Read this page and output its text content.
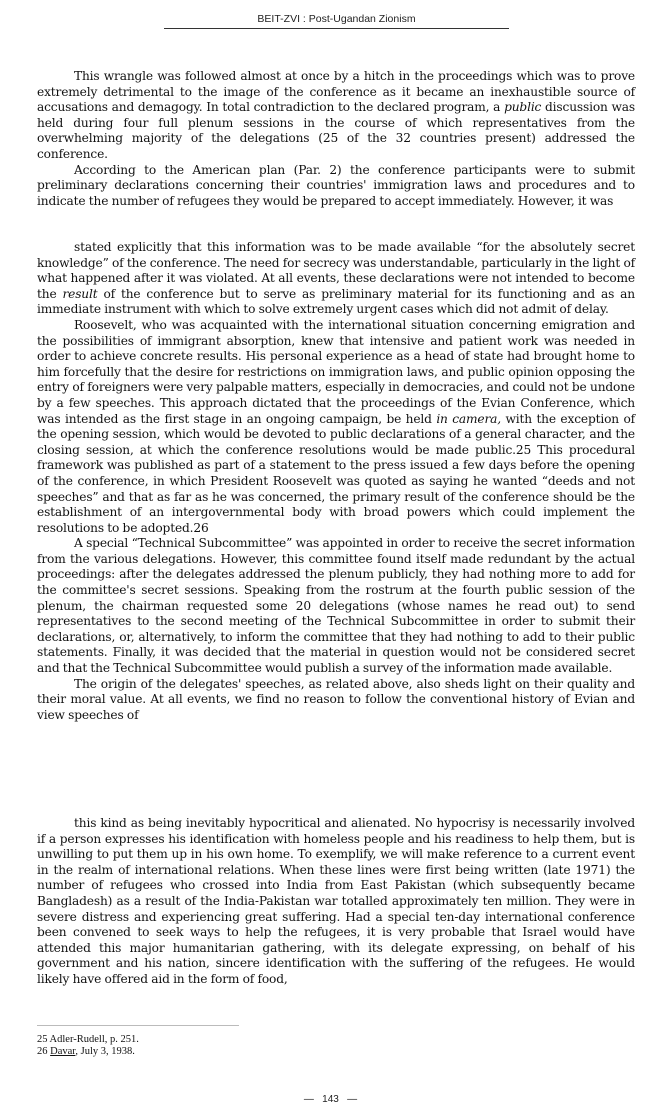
BEIT-ZVI : Post-Ugandan Zionism

This wrangle was followed almost at once by a hitch in the proceedings which was to prove extremely detrimental to the image of the conference as it became an inexhaustible source of accusations and demagogy. In total contradiction to the declared program, a public discussion was held during four full plenum sessions in the course of which representatives from the overwhelming majority of the delegations (25 of the 32 countries present) addressed the conference.

According to the American plan (Par. 2) the conference participants were to submit preliminary declarations concerning their countries' immigration laws and procedures and to indicate the number of refugees they would be prepared to accept immediately. However, it was

stated explicitly that this information was to be made available “for the absolutely secret knowledge” of the conference. The need for secrecy was understandable, particularly in the light of what happened after it was violated. At all events, these declarations were not intended to become the result of the conference but to serve as preliminary material for its functioning and as an immediate instrument with which to solve extremely urgent cases which did not admit of delay.

Roosevelt, who was acquainted with the international situation concerning emigration and the possibilities of immigrant absorption, knew that intensive and patient work was needed in order to achieve concrete results. His personal experience as a head of state had brought home to him forcefully that the desire for restrictions on immigration laws, and public opinion opposing the entry of foreigners were very palpable matters, especially in democracies, and could not be undone by a few speeches. This approach dictated that the proceedings of the Evian Conference, which was intended as the first stage in an ongoing campaign, be held in camera, with the exception of the opening session, which would be devoted to public declarations of a general character, and the closing session, at which the conference resolutions would be made public.25 This procedural framework was published as part of a statement to the press issued a few days before the opening of the conference, in which President Roosevelt was quoted as saying he wanted “deeds and not speeches” and that as far as he was concerned, the primary result of the conference should be the establishment of an intergovernmental body with broad powers which could implement the resolutions to be adopted.26

A special “Technical Subcommittee” was appointed in order to receive the secret information from the various delegations. However, this committee found itself made redundant by the actual proceedings: after the delegates addressed the plenum publicly, they had nothing more to add for the committee's secret sessions. Speaking from the rostrum at the fourth public session of the plenum, the chairman requested some 20 delegations (whose names he read out) to send representatives to the second meeting of the Technical Subcommittee in order to submit their declarations, or, alternatively, to inform the committee that they had nothing to add to their public statements. Finally, it was decided that the material in question would not be considered secret and that the Technical Subcommittee would publish a survey of the information made available.

The origin of the delegates' speeches, as related above, also sheds light on their quality and their moral value. At all events, we find no reason to follow the conventional history of Evian and view speeches of

this kind as being inevitably hypocritical and alienated. No hypocrisy is necessarily involved if a person expresses his identification with homeless people and his readiness to help them, but is unwilling to put them up in his own home. To exemplify, we will make reference to a current event in the realm of international relations. When these lines were first being written (late 1971) the number of refugees who crossed into India from East Pakistan (which subsequently became Bangladesh) as a result of the India-Pakistan war totalled approximately ten million. They were in severe distress and experiencing great suffering. Had a special ten-day international conference been convened to seek ways to help the refugees, it is very probable that Israel would have attended this major humanitarian gathering, with its delegate expressing, on behalf of his government and his nation, sincere identification with the suffering of the refugees. He would likely have offered aid in the form of food,

25 Adler-Rudell, p. 251.
26 Davar, July 3, 1938.
—   143   —
